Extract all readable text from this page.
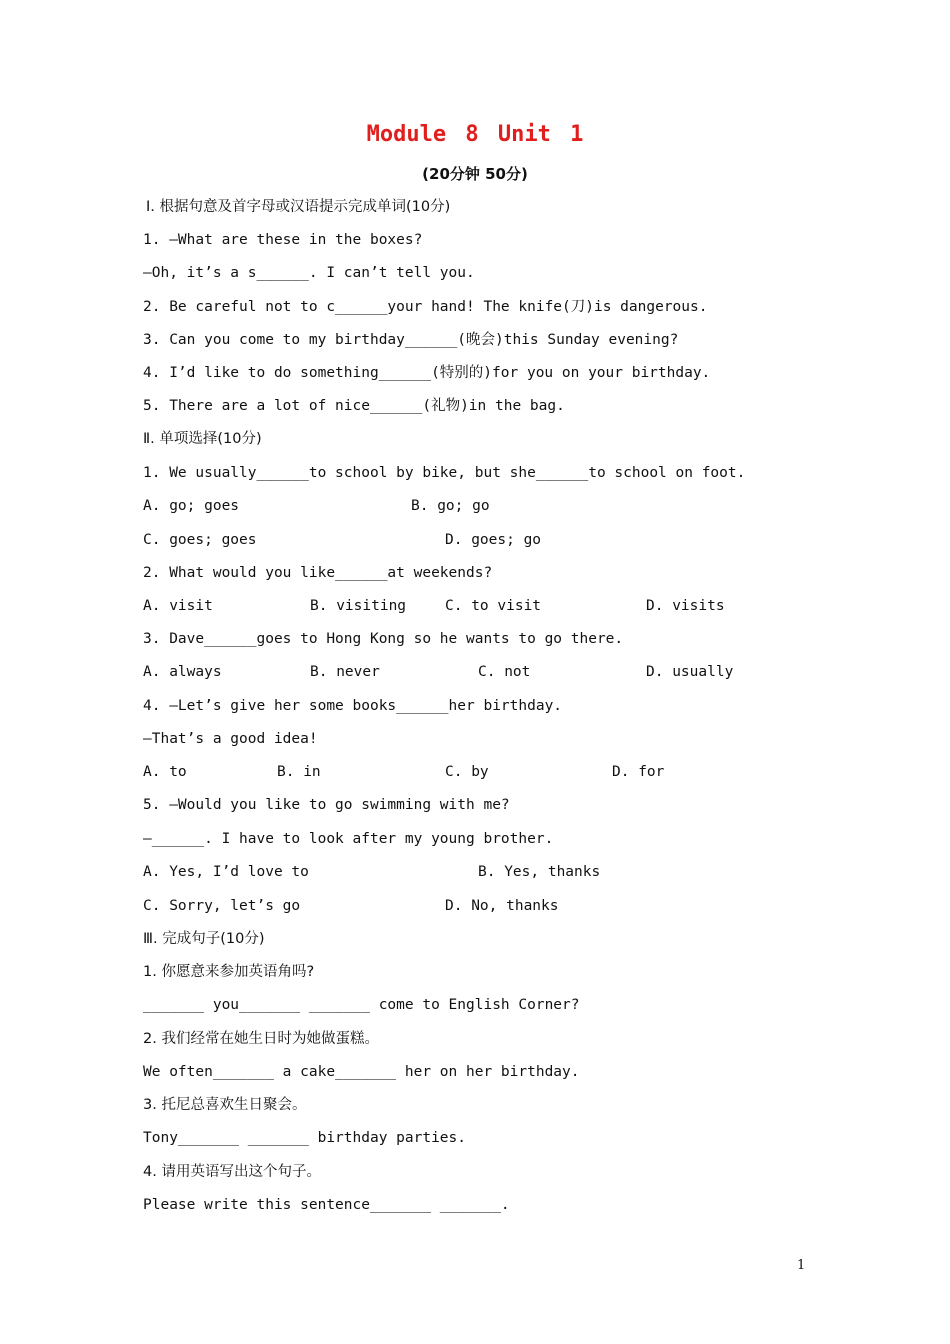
Module 8 Unit 1
(20分钟 50分)
Ⅰ. 根据句意及首字母或汉语提示完成单词(10分)
1. —What are these in the boxes?
—Oh, it’s a s______. I can’t tell you.
2. Be careful not to c______your hand! The knife(刀)is dangerous.
3. Can you come to my birthday______(晚会)this Sunday evening?
4. I’d like to do something______(特别的)for you on your birthday.
5. There are a lot of nice______(礼物)in the bag.
Ⅱ. 单项选择(10分)
1. We usually______to school by bike, but she______to school on foot.
A. go; goes	B. go; go
C. goes; goes	D. goes; go
2. What would you like______at weekends?
A. visit	B. visiting	C. to visit	D. visits
3. Dave______goes to Hong Kong so he wants to go there.
A. always	B. never	C. not	D. usually
4. —Let’s give her some books______her birthday.
—That’s a good idea!
A. to	B. in	C. by	D. for
5. —Would you like to go swimming with me?
—______. I have to look after my young brother.
A. Yes, I’d love to	B. Yes, thanks
C. Sorry, let’s go	D. No, thanks
Ⅲ. 完成句子(10分)
1. 你愿意来参加英语角吗?
_______ you_______ _______ come to English Corner?
2. 我们经常在她生日时为她做蛋糕。
We often_______ a cake_______ her on her birthday.
3. 托尼总喜欢生日聚会。
Tony_______ _______ birthday parties.
4. 请用英语写出这个句子。
Please write this sentence_______ _______.
1
